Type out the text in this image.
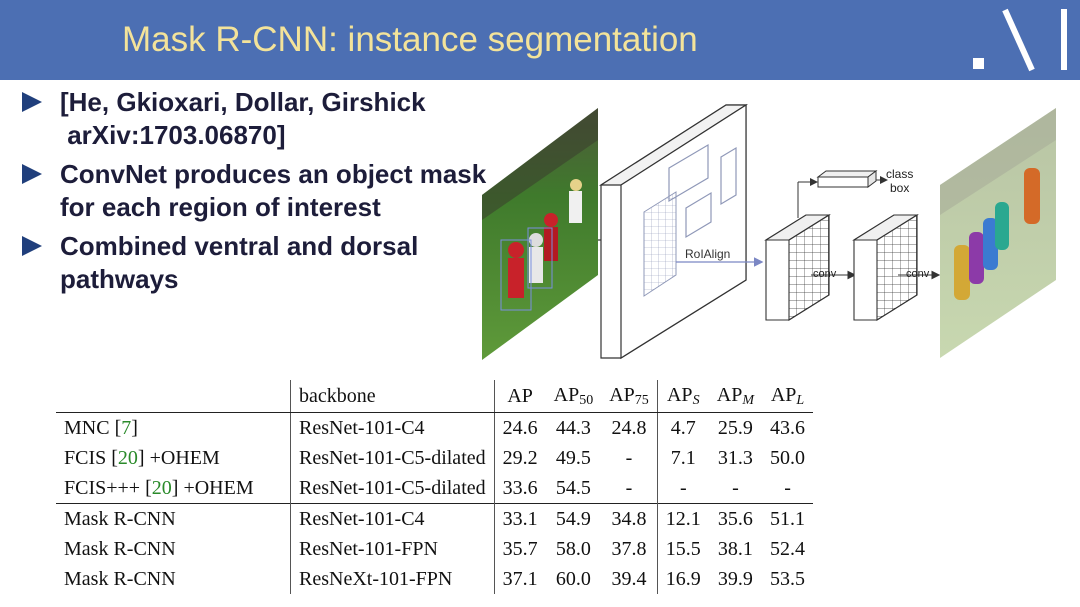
Mask R-CNN: instance segmentation
[He, Gkioxari, Dollar, Girshick
arXiv:1703.06870]
ConvNet produces an object mask for each region of interest
Combined ventral and dorsal pathways
RoIAlign
class
box
conv	conv
	backbone	AP	$AP_{50}$	$AP_{75}$	$AP_S$	$AP_M$	$AP_L$
MNC [7]	ResNet-101-C4	24.6	44.3	24.8	4.7	25.9	43.6
FCIS [20] +OHEM	ResNet-101-C5-dilated	29.2	49.5	-	7.1	31.3	50.0
FCIS+++ [20] +OHEM	ResNet-101-C5-dilated	33.6	54.5	-	-	-	-
Mask R-CNN	ResNet-101-C4	33.1	54.9	34.8	12.1	35.6	51.1
Mask R-CNN	ResNet-101-FPN	35.7	58.0	37.8	15.5	38.1	52.4
Mask R-CNN	ResNeXt-101-FPN	37.1	60.0	39.4	16.9	39.9	53.5
